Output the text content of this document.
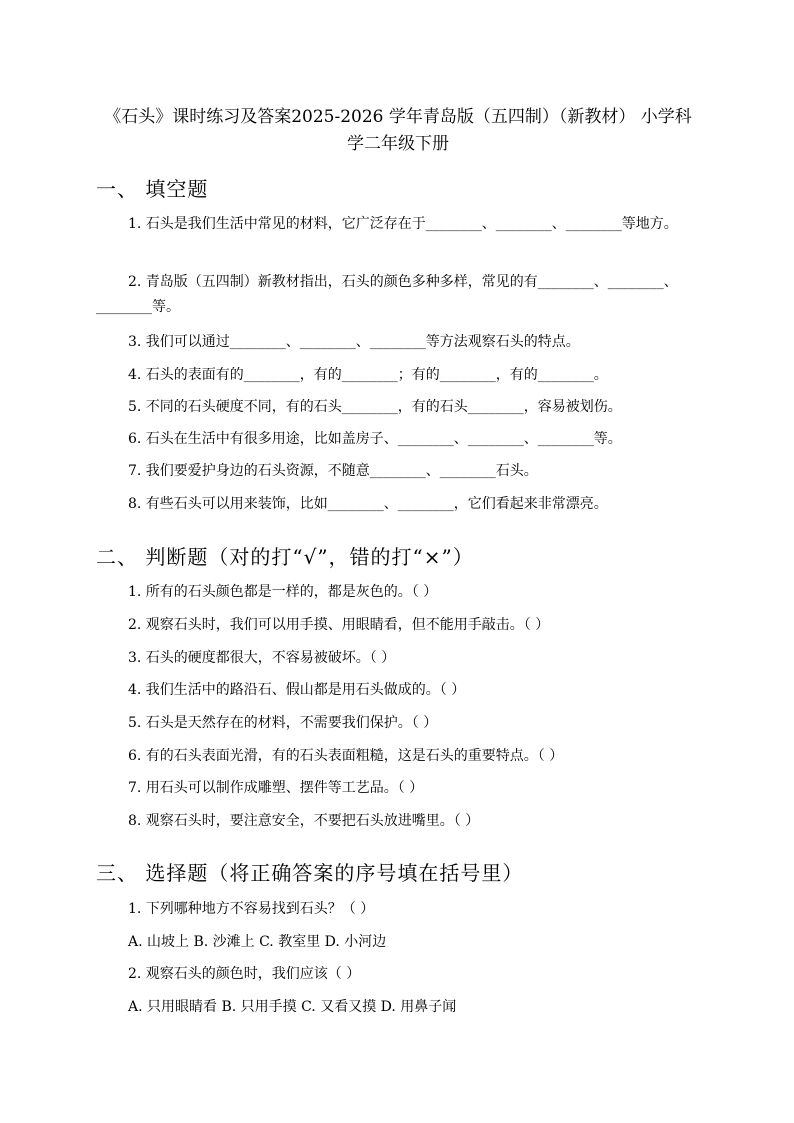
《石头》课时练习及答案2025-2026 学年青岛版（五四制）（新教材） 小学科学二年级下册
一、 填空题
1. 石头是我们生活中常见的材料，它广泛存在于________、________、________等地方。
2. 青岛版（五四制）新教材指出，石头的颜色多种多样，常见的有________、________、________等。
3. 我们可以通过________、________、________等方法观察石头的特点。
4. 石头的表面有的________，有的________；有的________，有的________。
5. 不同的石头硬度不同，有的石头________，有的石头________，容易被划伤。
6. 石头在生活中有很多用途，比如盖房子、________、________、________等。
7. 我们要爱护身边的石头资源，不随意________、________石头。
8. 有些石头可以用来装饰，比如________、________，它们看起来非常漂亮。
二、 判断题（对的打“√”，错的打“×”）
1. 所有的石头颜色都是一样的，都是灰色的。（ ）
2. 观察石头时，我们可以用手摸、用眼睛看，但不能用手敲击。（ ）
3. 石头的硬度都很大，不容易被破坏。（ ）
4. 我们生活中的路沿石、假山都是用石头做成的。（ ）
5. 石头是天然存在的材料，不需要我们保护。（ ）
6. 有的石头表面光滑，有的石头表面粗糙，这是石头的重要特点。（ ）
7. 用石头可以制作成雕塑、摆件等工艺品。（ ）
8. 观察石头时，要注意安全，不要把石头放进嘴里。（ ）
三、 选择题（将正确答案的序号填在括号里）
1. 下列哪种地方不容易找到石头？（ ）
A. 山坡上 B. 沙滩上 C. 教室里 D. 小河边
2. 观察石头的颜色时，我们应该（ ）
A. 只用眼睛看 B. 只用手摸 C. 又看又摸 D. 用鼻子闻
